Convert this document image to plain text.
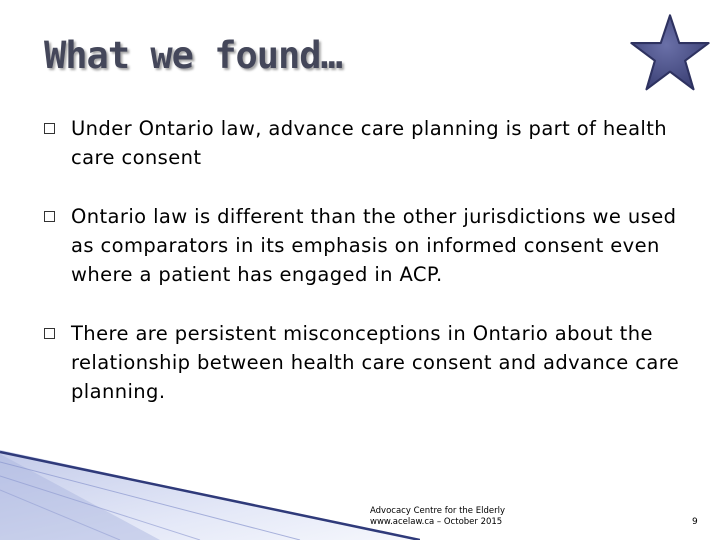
What we found…
Under Ontario law, advance care planning is part of health care consent
Ontario law is different than the other jurisdictions we used as comparators in its emphasis on informed consent even where a patient has engaged in ACP.
There are persistent misconceptions in Ontario about the relationship between health care consent and advance care planning.
Advocacy Centre for the Elderly
www.acelaw.ca – October 2015	9
